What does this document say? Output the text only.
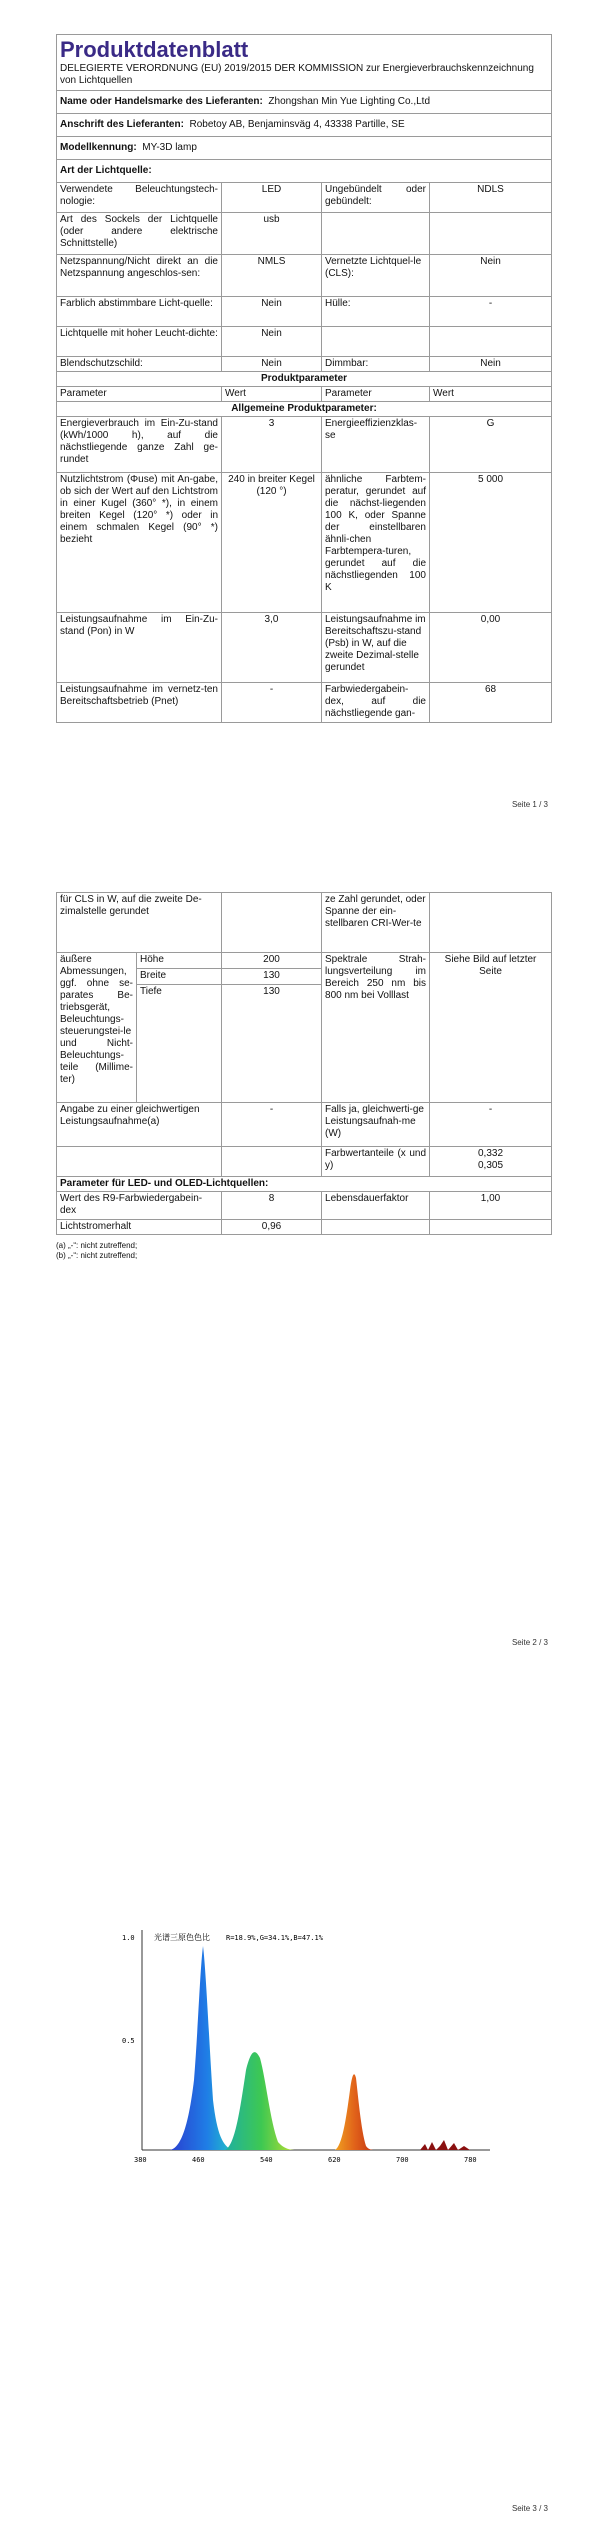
Produktdatenblatt
DELEGIERTE VERORDNUNG (EU) 2019/2015 DER KOMMISSION zur Energieverbrauchskennzeichnung von Lichtquellen			

Name oder Handelsmarke des Lieferanten: Zhongshan Min Yue Lighting Co.,Ltd			
Anschrift des Lieferanten: Robetoy AB, Benjaminsväg 4, 43338 Partille, SE			
Modellkennung: MY-3D lamp			
Art der Lichtquelle:			
Verwendete Beleuchtungstech-nologie:	LED	Ungebündelt oder gebündelt:	NDLS
Art des Sockels der Lichtquelle (oder andere elektrische Schnittstelle)	usb		
Netzspannung/Nicht direkt an die Netzspannung angeschlos-sen:	NMLS	Vernetzte Lichtquel-le (CLS):	Nein
Farblich abstimmbare Licht-quelle:	Nein	Hülle:	-
Lichtquelle mit hoher Leucht-dichte:	Nein		
Blendschutzschild:	Nein	Dimmbar:	Nein
Produktparameter			
Parameter	Wert	Parameter	Wert
Allgemeine Produktparameter:			
Energieverbrauch im Ein-Zu-stand (kWh/1000 h), auf die nächstliegende ganze Zahl ge-rundet	3	Energieeffizienzklas-se	G
Nutzlichtstrom (Φuse) mit An-gabe, ob sich der Wert auf den Lichtstrom in einer Kugel (360° *), in einem breiten Kegel (120° *) oder in einem schmalen Kegel (90° *) bezieht	240 in breiter Kegel (120 °)	ähnliche Farbtem-peratur, gerundet auf die nächst-liegenden 100 K, oder Spanne der einstellbaren ähnli-chen Farbtempera-turen, gerundet auf die nächstliegenden 100 K	5 000
Leistungsaufnahme im Ein-Zu-stand (Pon) in W	3,0	Leistungsaufnahme im Bereitschaftszu-stand (Psb) in W, auf die zweite Dezimal-stelle gerundet	0,00
Leistungsaufnahme im vernetz-ten Bereitschaftsbetrieb (Pnet)	-	Farbwiedergabein-dex, auf die nächstliegende gan-	68
Seite 1 / 3
für CLS in W, auf die zweite De-zimalstelle gerundet			ze Zahl gerundet, oder Spanne der ein-stellbaren CRI-Wer-te	
äußere Abmessungen, ggf. ohne se-parates Be-triebsgerät, Beleuchtungs-steuerungstei-le und Nicht-Beleuchtungs-teile (Millime-ter)	Höhe	200	Spektrale Strah-lungsverteilung im Bereich 250 nm bis 800 nm bei Volllast	Siehe Bild auf letzter Seite
	Breite	130		
	Tiefe	130		
Angabe zu einer gleichwertigen Leistungsaufnahme(a)		-	Falls ja, gleichwerti-ge Leistungsaufnah-me (W)	-
			Farbwertanteile (x und y)	0,332
0,305

Parameter für LED- und OLED-Lichtquellen:				
Wert des R9-Farbwiedergabein-dex		8	Lebensdauerfaktor	1,00
Lichtstromerhalt		0,96		
(a) „-“: nicht zutreffend;
(b) „-“: nicht zutreffend;
Seite 2 / 3
1.0
0.5
光谱三原色色比 R=18.9%,G=34.1%,B=47.1%
380	460	540	620	700	780
Seite 3 / 3
